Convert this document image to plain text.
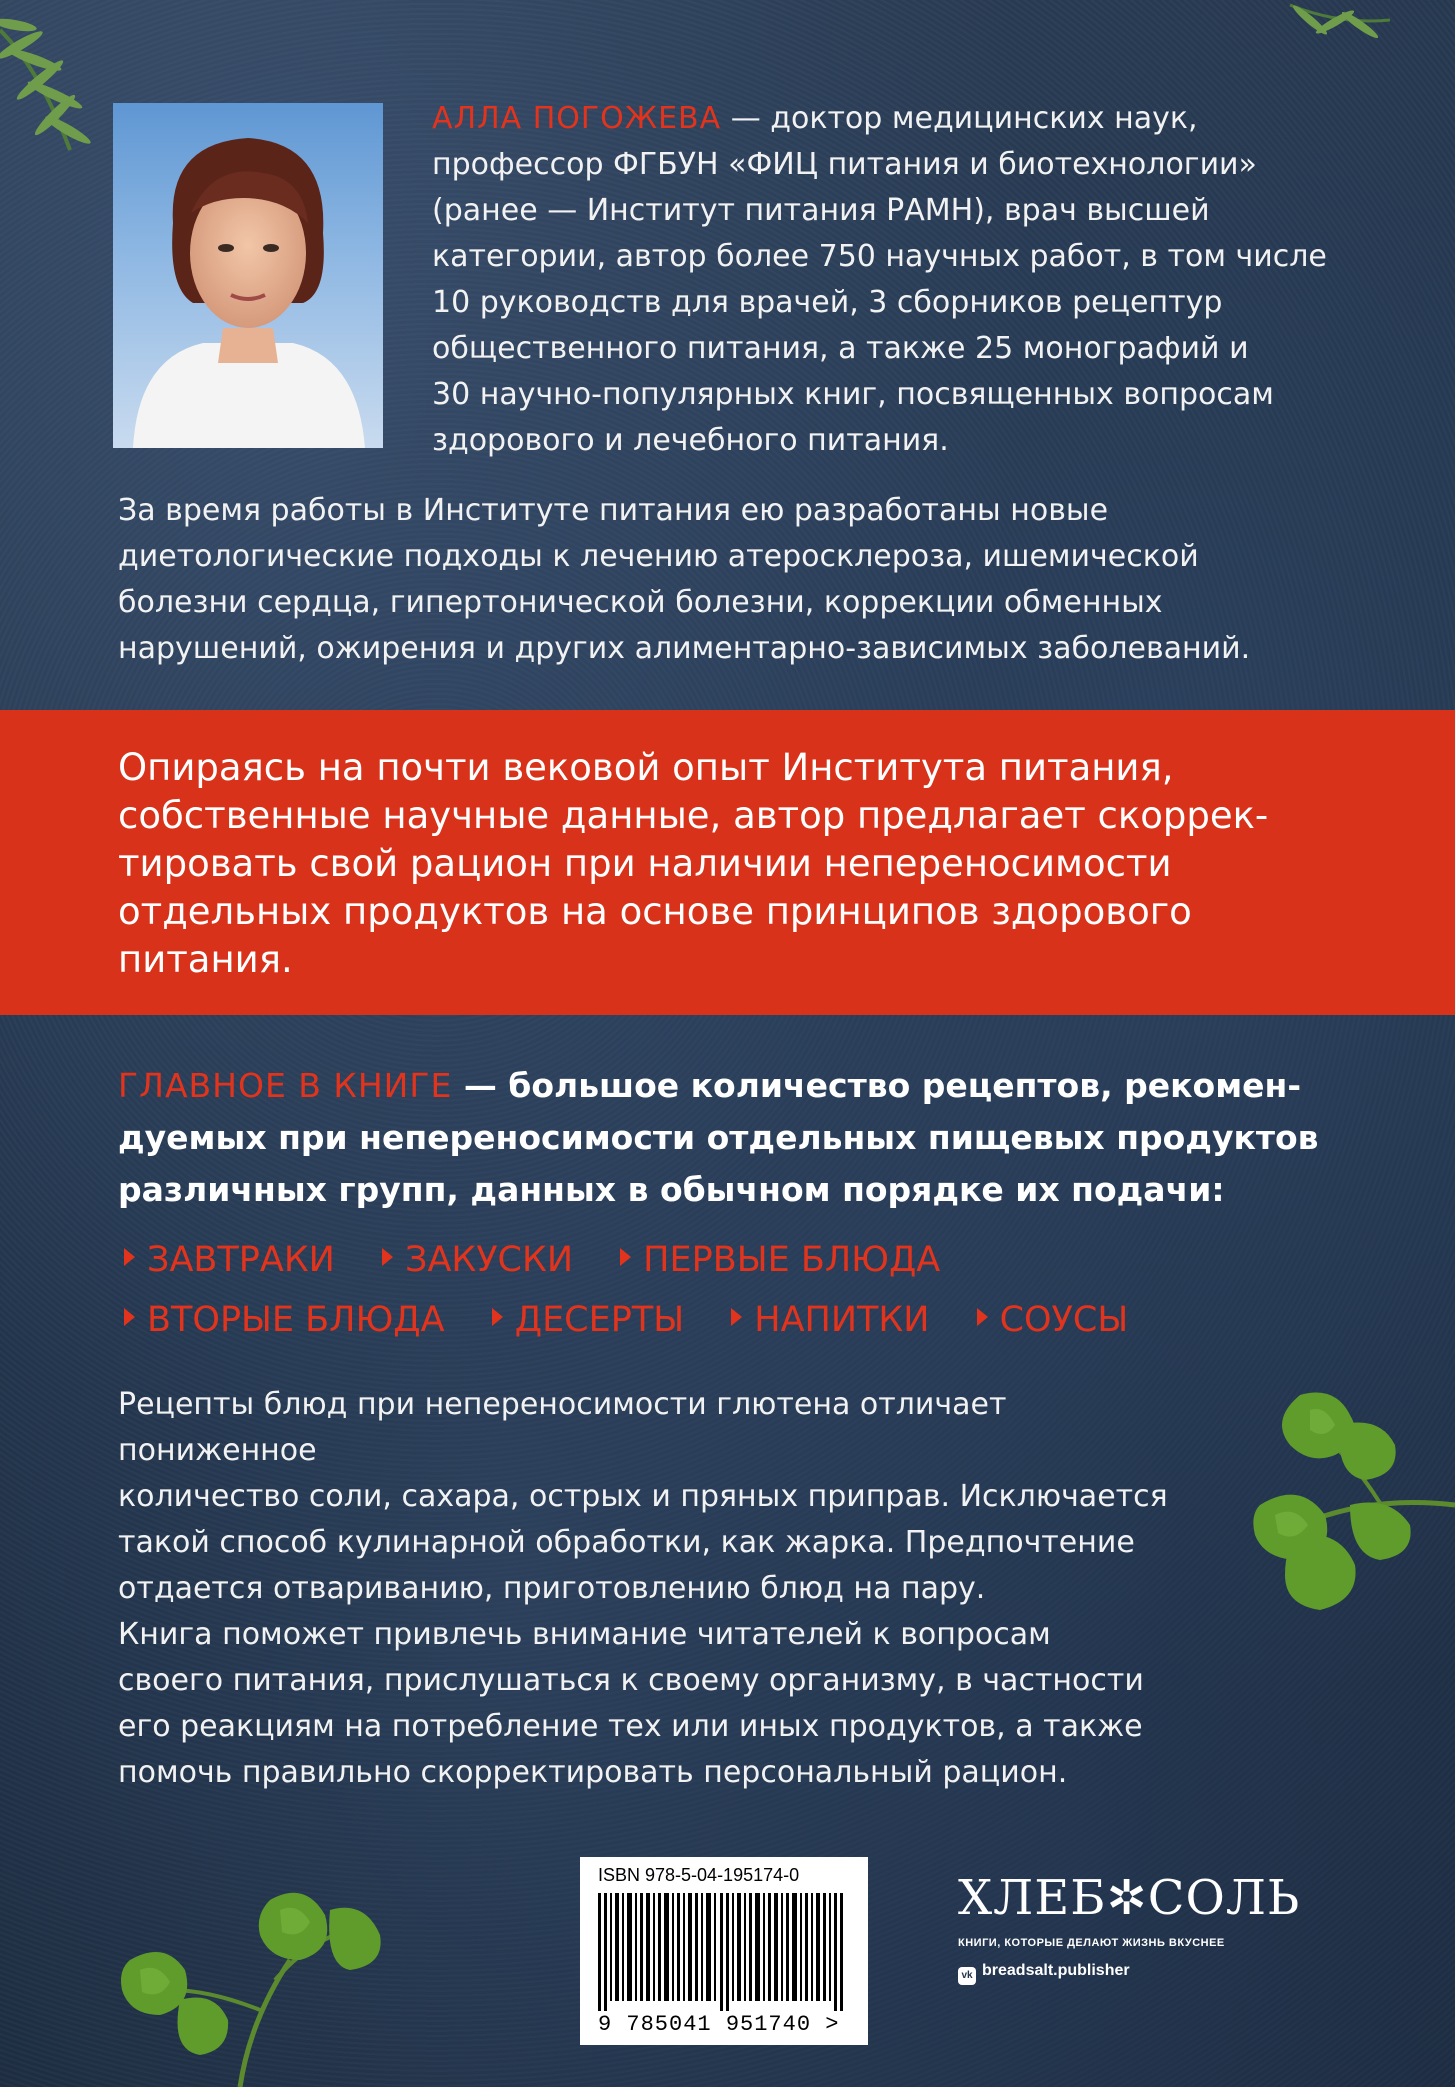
АЛЛА ПОГОЖЕВА — доктор медицинских наук,
профессор ФГБУН «ФИЦ питания и биотехнологии»
(ранее — Институт питания РАМН), врач высшей
категории, автор более 750 научных работ, в том числе
10 руководств для врачей, 3 сборников рецептур
общественного питания, а также 25 монографий и
30 научно-популярных книг, посвященных вопросам
здорового и лечебного питания.
За время работы в Институте питания ею разработаны новые
диетологические подходы к лечению атеросклероза, ишемической
болезни сердца, гипертонической болезни, коррекции обменных
нарушений, ожирения и других алиментарно-зависимых заболеваний.
Опираясь на почти вековой опыт Института питания,
собственные научные данные, автор предлагает скоррек-
тировать свой рацион при наличии непереносимости
отдельных продуктов на основе принципов здорового
питания.
ГЛАВНОЕ В КНИГЕ — большое количество рецептов, рекомен-
дуемых при непереносимости отдельных пищевых продуктов
различных групп, данных в обычном порядке их подачи:
ЗАВТРАКИ ЗАКУСКИ ПЕРВЫЕ БЛЮДА
ВТОРЫЕ БЛЮДА ДЕСЕРТЫ НАПИТКИ СОУСЫ
Рецепты блюд при непереносимости глютена отличает пониженное
количество соли, сахара, острых и пряных приправ. Исключается
такой способ кулинарной обработки, как жарка. Предпочтение
отдается отвариванию, приготовлению блюд на пару.
Книга поможет привлечь внимание читателей к вопросам
своего питания, прислушаться к своему организму, в частности
его реакциям на потребление тех или иных продуктов, а также
помочь правильно скорректировать персональный рацион.
ISBN 978-5-04-195174-0
9 785041 951740 >
ХЛЕБ✲СОЛЬ
КНИГИ, КОТОРЫЕ ДЕЛАЮТ ЖИЗНЬ ВКУСНЕЕ
vk breadsalt.publisher
